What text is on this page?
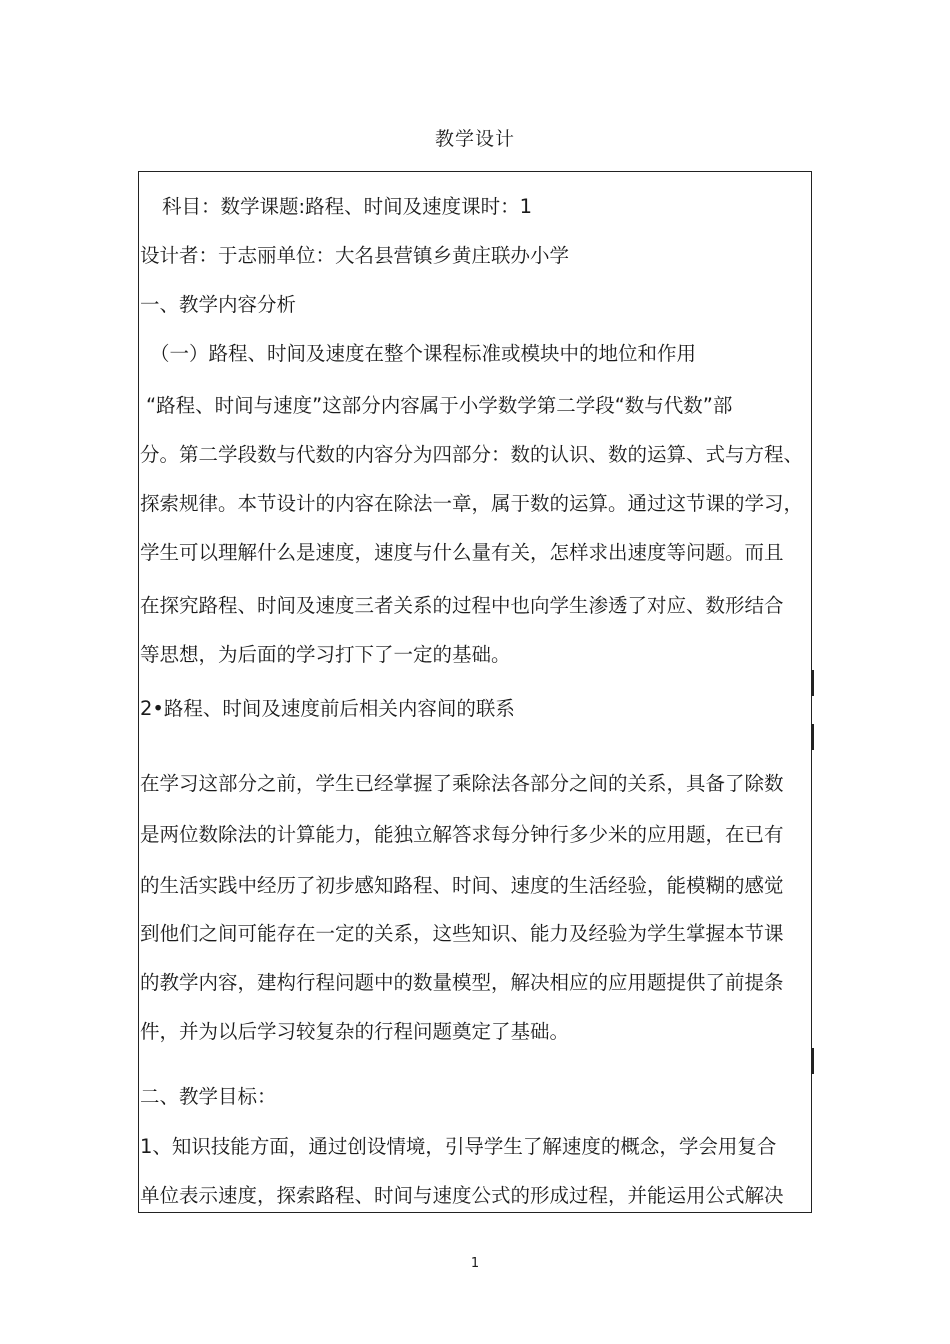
教学设计
科目：数学课题:路程、时间及速度课时：1
设计者：于志丽单位：大名县营镇乡黄庄联办小学
一、教学内容分析
（一）路程、时间及速度在整个课程标准或模块中的地位和作用
“路程、时间与速度”这部分内容属于小学数学第二学段“数与代数”部
分。第二学段数与代数的内容分为四部分：数的认识、数的运算、式与方程、
探索规律。本节设计的内容在除法一章，属于数的运算。通过这节课的学习，
学生可以理解什么是速度，速度与什么量有关，怎样求出速度等问题。而且
在探究路程、时间及速度三者关系的过程中也向学生渗透了对应、数形结合
等思想，为后面的学习打下了一定的基础。
2•路程、时间及速度前后相关内容间的联系
在学习这部分之前，学生已经掌握了乘除法各部分之间的关系，具备了除数
是两位数除法的计算能力，能独立解答求每分钟行多少米的应用题，在已有
的生活实践中经历了初步感知路程、时间、速度的生活经验，能模糊的感觉
到他们之间可能存在一定的关系，这些知识、能力及经验为学生掌握本节课
的教学内容，建构行程问题中的数量模型，解决相应的应用题提供了前提条
件，并为以后学习较复杂的行程问题奠定了基础。
二、教学目标：
1、知识技能方面，通过创设情境，引导学生了解速度的概念，学会用复合
单位表示速度，探索路程、时间与速度公式的形成过程，并能运用公式解决
1
